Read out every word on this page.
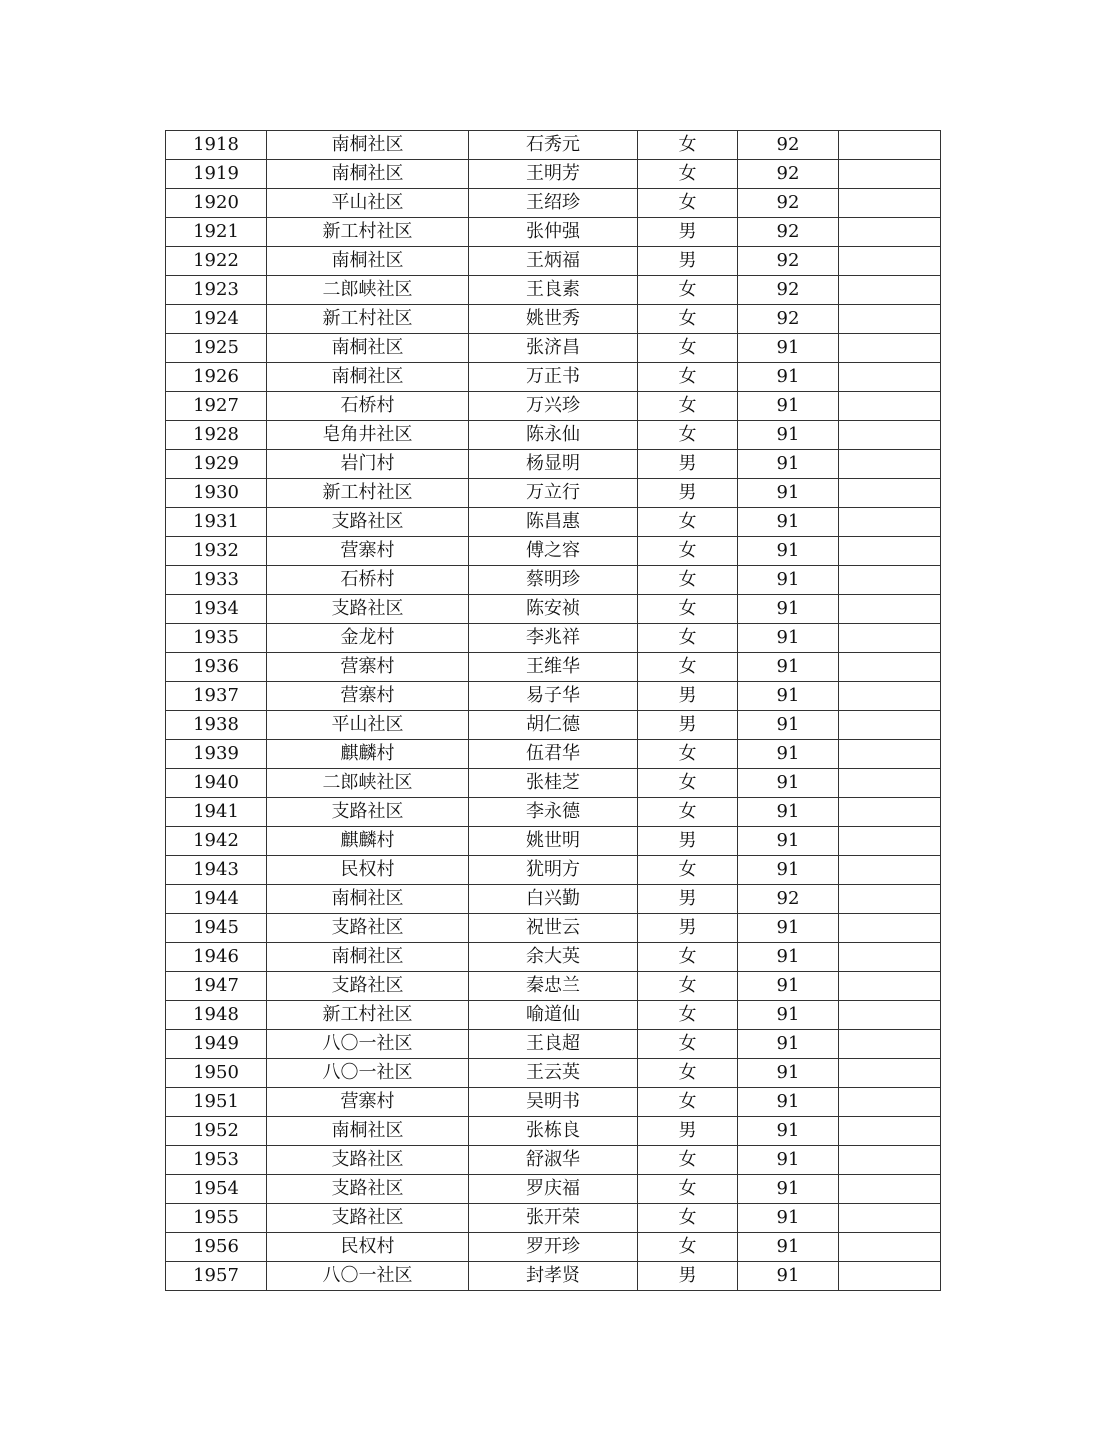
1918	南桐社区	石秀元	女	92	
1919	南桐社区	王明芳	女	92	
1920	平山社区	王绍珍	女	92	
1921	新工村社区	张仲强	男	92	
1922	南桐社区	王炳福	男	92	
1923	二郎峡社区	王良素	女	92	
1924	新工村社区	姚世秀	女	92	
1925	南桐社区	张济昌	女	91	
1926	南桐社区	万正书	女	91	
1927	石桥村	万兴珍	女	91	
1928	皂角井社区	陈永仙	女	91	
1929	岩门村	杨显明	男	91	
1930	新工村社区	万立行	男	91	
1931	支路社区	陈昌惠	女	91	
1932	营寨村	傅之容	女	91	
1933	石桥村	蔡明珍	女	91	
1934	支路社区	陈安祯	女	91	
1935	金龙村	李兆祥	女	91	
1936	营寨村	王维华	女	91	
1937	营寨村	易子华	男	91	
1938	平山社区	胡仁德	男	91	
1939	麒麟村	伍君华	女	91	
1940	二郎峡社区	张桂芝	女	91	
1941	支路社区	李永德	女	91	
1942	麒麟村	姚世明	男	91	
1943	民权村	犹明方	女	91	
1944	南桐社区	白兴勤	男	92	
1945	支路社区	祝世云	男	91	
1946	南桐社区	余大英	女	91	
1947	支路社区	秦忠兰	女	91	
1948	新工村社区	喻道仙	女	91	
1949	八〇一社区	王良超	女	91	
1950	八〇一社区	王云英	女	91	
1951	营寨村	吴明书	女	91	
1952	南桐社区	张栋良	男	91	
1953	支路社区	舒淑华	女	91	
1954	支路社区	罗庆福	女	91	
1955	支路社区	张开荣	女	91	
1956	民权村	罗开珍	女	91	
1957	八〇一社区	封孝贤	男	91	
